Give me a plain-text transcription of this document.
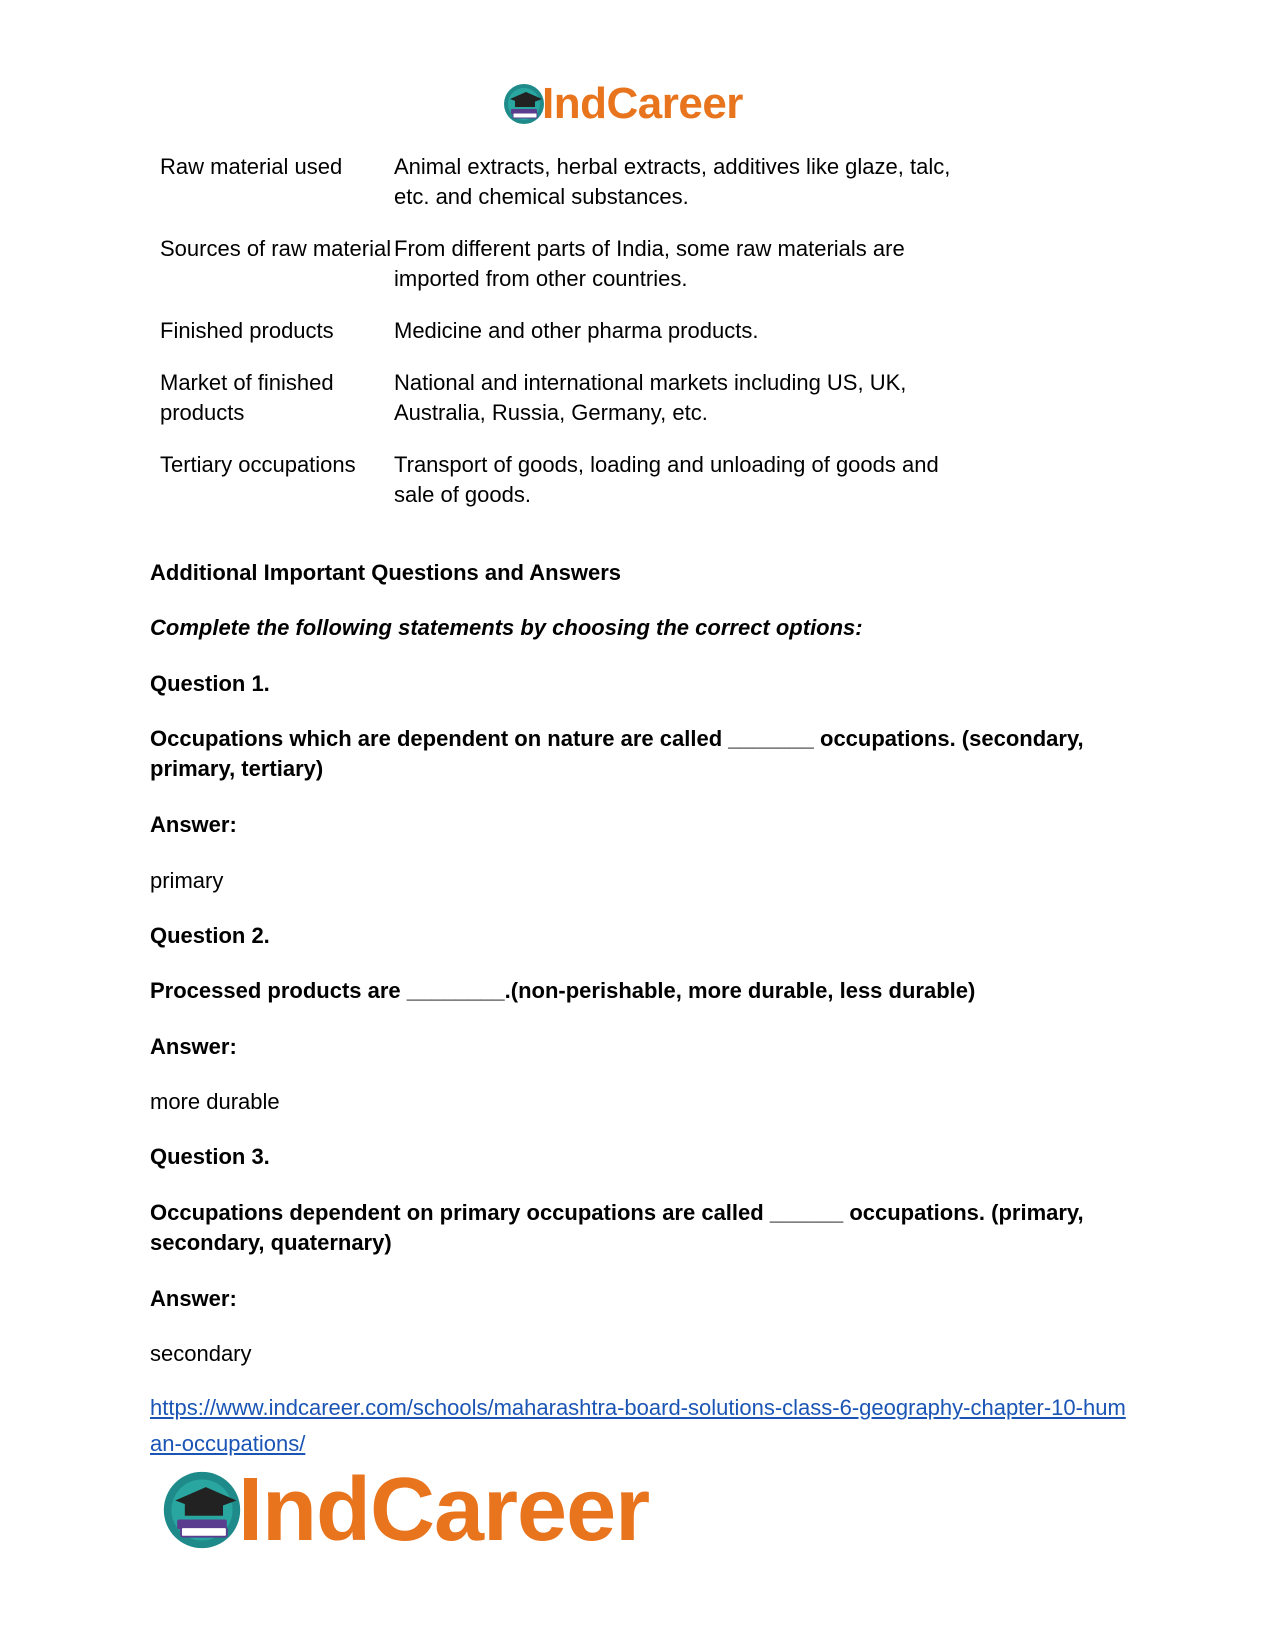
IndCareer
Raw material used	Animal extracts, herbal extracts, additives like glaze, talc, etc. and chemical substances.
Sources of raw material	From different parts of India, some raw materials are imported from other countries.
Finished products	Medicine and other pharma products.
Market of finished products	National and international markets including US, UK, Australia, Russia, Germany, etc.
Tertiary occupations	Transport of goods, loading and unloading of goods and sale of goods.
Additional Important Questions and Answers
Complete the following statements by choosing the correct options:
Question 1.
Occupations which are dependent on nature are called _______ occupations. (secondary, primary, tertiary)
Answer:
primary
Question 2.
Processed products are ________.(non-perishable, more durable, less durable)
Answer:
more durable
Question 3.
Occupations dependent on primary occupations are called ______ occupations. (primary, secondary, quaternary)
Answer:
secondary
https://www.indcareer.com/schools/maharashtra-board-solutions-class-6-geography-chapter-10-human-occupations/
IndCareer
